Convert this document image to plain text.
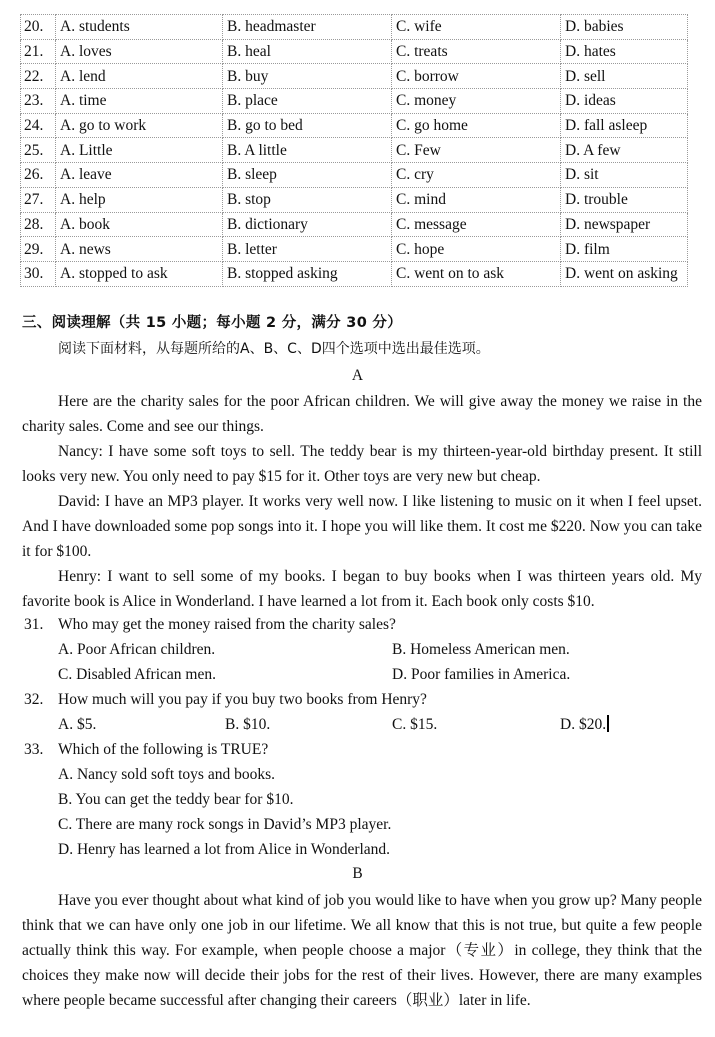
20.	A. students	B. headmaster	C. wife	D. babies
21.	A. loves	B. heal	C. treats	D. hates
22.	A. lend	B. buy	C. borrow	D. sell
23.	A. time	B. place	C. money	D. ideas
24.	A. go to work	B. go to bed	C. go home	D. fall asleep
25.	A. Little	B. A little	C. Few	D. A few
26.	A. leave	B. sleep	C. cry	D. sit
27.	A. help	B. stop	C. mind	D. trouble
28.	A. book	B. dictionary	C. message	D. newspaper
29.	A. news	B. letter	C. hope	D. film
30.	A. stopped to ask	B. stopped asking	C. went on to ask	D. went on asking
三、阅读理解（共 15 小题；每小题 2 分，满分 30 分）
阅读下面材料，从每题所给的A、B、C、D四个选项中选出最佳选项。
A
Here are the charity sales for the poor African children. We will give away the money we raise in the charity sales. Come and see our things.
Nancy: I have some soft toys to sell. The teddy bear is my thirteen-year-old birthday present. It still looks very new. You only need to pay $15 for it. Other toys are very new but cheap.
David: I have an MP3 player. It works very well now. I like listening to music on it when I feel upset. And I have downloaded some pop songs into it. I hope you will like them. It cost me $220. Now you can take it for $100.
Henry: I want to sell some of my books. I began to buy books when I was thirteen years old. My favorite book is Alice in Wonderland. I have learned a lot from it. Each book only costs $10.
31. Who may get the money raised from the charity sales?
A. Poor African children.	B. Homeless American men.
C. Disabled African men.	D. Poor families in America.
32. How much will you pay if you buy two books from Henry?
A. $5.	B. $10.	C. $15.	D. $20.
33. Which of the following is TRUE?
A. Nancy sold soft toys and books.
B. You can get the teddy bear for $10.
C. There are many rock songs in David’s MP3 player.
D. Henry has learned a lot from Alice in Wonderland.
B
Have you ever thought about what kind of job you would like to have when you grow up? Many people think that we can have only one job in our lifetime. We all know that this is not true, but quite a few people actually think this way. For example, when people choose a major（专业）in college, they think that the choices they make now will decide their jobs for the rest of their lives. However, there are many examples where people became successful after changing their careers（职业）later in life.
